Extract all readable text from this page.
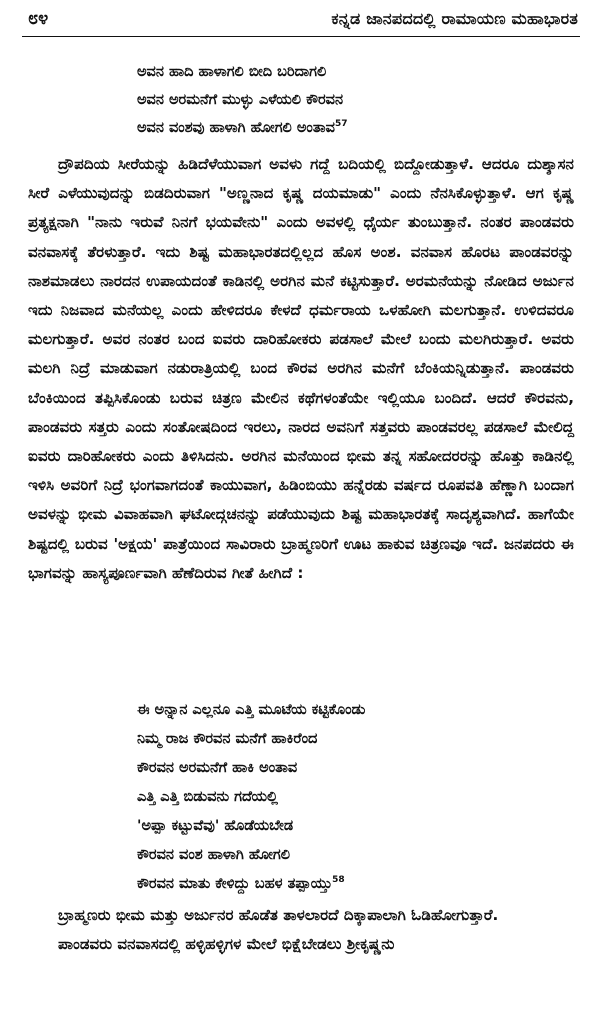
೮೪	ಕನ್ನಡ ಜಾನಪದದಲ್ಲಿ ರಾಮಾಯಣ ಮಹಾಭಾರತ
ಅವನ ಹಾದಿ ಹಾಳಾಗಲಿ ಬೀದಿ ಬರಿದಾಗಲಿ
ಅವನ ಅರಮನೆಗೆ ಮುಳ್ಳು ಎಳೆಯಲಿ ಕೌರವನ
ಅವನ ವಂಶವು ಹಾಳಾಗಿ ಹೋಗಲಿ ಅಂತಾವ$^{57}$

ದ್ರೌಪದಿಯ ಸೀರೆಯನ್ನು ಹಿಡಿದೆಳೆಯುವಾಗ ಅವಳು ಗದ್ದೆ ಬದಿಯಲ್ಲಿ ಬಿದ್ದೋಡುತ್ತಾಳೆ. ಆದರೂ ದುಶ್ಶಾಸನ ಸೀರೆ ಎಳೆಯುವುದನ್ನು ಬಿಡದಿರುವಾಗ "ಅಣ್ಣನಾದ ಕೃಷ್ಣ ದಯಮಾಡು" ಎಂದು ನೆನಸಿಕೊಳ್ಳುತ್ತಾಳೆ. ಆಗ ಕೃಷ್ಣ ಪ್ರತ್ಯಕ್ಷನಾಗಿ "ನಾನು ಇರುವೆ ನಿನಗೆ ಭಯವೇನು" ಎಂದು ಅವಳಲ್ಲಿ ಧೈರ್ಯ ತುಂಬುತ್ತಾನೆ. ನಂತರ ಪಾಂಡವರು ವನವಾಸಕ್ಕೆ ತೆರಳುತ್ತಾರೆ. ಇದು ಶಿಷ್ಟ ಮಹಾಭಾರತದಲ್ಲಿಲ್ಲದ ಹೊಸ ಅಂಶ. ವನವಾಸ ಹೊರಟ ಪಾಂಡವರನ್ನು ನಾಶಮಾಡಲು ನಾರದನ ಉಪಾಯದಂತೆ ಕಾಡಿನಲ್ಲಿ ಅರಗಿನ ಮನೆ ಕಟ್ಟಿಸುತ್ತಾರೆ. ಅರಮನೆಯನ್ನು ನೋಡಿದ ಅರ್ಜುನ ಇದು ನಿಜವಾದ ಮನೆಯಲ್ಲ ಎಂದು ಹೇಳಿದರೂ ಕೇಳದೆ ಧರ್ಮರಾಯ ಒಳಹೋಗಿ ಮಲಗುತ್ತಾನೆ. ಉಳಿದವರೂ ಮಲಗುತ್ತಾರೆ. ಅವರ ನಂತರ ಬಂದ ಐವರು ದಾರಿಹೋಕರು ಪಡಸಾಲೆ ಮೇಲೆ ಬಂದು ಮಲಗಿರುತ್ತಾರೆ. ಅವರು ಮಲಗಿ ನಿದ್ರೆ ಮಾಡುವಾಗ ನಡುರಾತ್ರಿಯಲ್ಲಿ ಬಂದ ಕೌರವ ಅರಗಿನ ಮನೆಗೆ ಬೆಂಕಿಯನ್ನಿಡುತ್ತಾನೆ. ಪಾಂಡವರು ಬೆಂಕಿಯಿಂದ ತಪ್ಪಿಸಿಕೊಂಡು ಬರುವ ಚಿತ್ರಣ ಮೇಲಿನ ಕಥೆಗಳಂತೆಯೇ ಇಲ್ಲಿಯೂ ಬಂದಿದೆ. ಆದರೆ ಕೌರವನು, ಪಾಂಡವರು ಸತ್ತರು ಎಂದು ಸಂತೋಷದಿಂದ ಇರಲು, ನಾರದ ಅವನಿಗೆ ಸತ್ತವರು ಪಾಂಡವರಲ್ಲ ಪಡಸಾಲೆ ಮೇಲಿದ್ದ ಐವರು ದಾರಿಹೋಕರು ಎಂದು ತಿಳಿಸಿದನು. ಅರಗಿನ ಮನೆಯಿಂದ ಭೀಮ ತನ್ನ ಸಹೋದರರನ್ನು ಹೊತ್ತು ಕಾಡಿನಲ್ಲಿ ಇಳಿಸಿ ಅವರಿಗೆ ನಿದ್ರೆ ಭಂಗವಾಗದಂತೆ ಕಾಯುವಾಗ, ಹಿಡಿಂಬಿಯು ಹನ್ನೆರಡು ವರ್ಷದ ರೂಪವತಿ ಹೆಣ್ಣಾಗಿ ಬಂದಾಗ ಅವಳನ್ನು ಭೀಮ ವಿವಾಹವಾಗಿ ಘಟೋದ್ಗಚನನ್ನು ಪಡೆಯುವುದು ಶಿಷ್ಟ ಮಹಾಭಾರತಕ್ಕೆ ಸಾದೃಶ್ಯವಾಗಿದೆ. ಹಾಗೆಯೇ ಶಿಷ್ಟದಲ್ಲಿ ಬರುವ 'ಅಕ್ಷಯ' ಪಾತ್ರೆಯಿಂದ ಸಾವಿರಾರು ಬ್ರಾಹ್ಮಣರಿಗೆ ಊಟ ಹಾಕುವ ಚಿತ್ರಣವೂ ಇದೆ. ಜನಪದರು ಈ ಭಾಗವನ್ನು ಹಾಸ್ಯಪೂರ್ಣವಾಗಿ ಹೆಣೆದಿರುವ ಗೀತೆ ಹೀಗಿದೆ :

ಈ ಅನ್ನಾನ ಎಲ್ಲನೂ ಎತ್ತಿ ಮೂಟೆಯ ಕಟ್ಟಿಕೊಂಡು
ನಿಮ್ಮ ರಾಜ ಕೌರವನ ಮನೆಗೆ ಹಾಕಿರೆಂದ
ಕೌರವನ ಅರಮನೆಗೆ ಹಾಕಿ ಅಂತಾವ
ಎತ್ತಿ ಎತ್ತಿ ಬಿಡುವನು ಗದೆಯಲ್ಲಿ
'ಅಪ್ಪಾ ಕಟ್ಟುವೆವು' ಹೊಡೆಯಬೇಡ
ಕೌರವನ ವಂಶ ಹಾಳಾಗಿ ಹೋಗಲಿ
ಕೌರವನ ಮಾತು ಕೇಳಿದ್ದು ಬಹಳ ತಪ್ಪಾಯ್ತು$^{58}$

ಬ್ರಾಹ್ಮಣರು ಭೀಮ ಮತ್ತು ಅರ್ಜುನರ ಹೊಡೆತ ತಾಳಲಾರದೆ ದಿಕ್ಕಾಪಾಲಾಗಿ ಓಡಿಹೋಗುತ್ತಾರೆ.

ಪಾಂಡವರು ವನವಾಸದಲ್ಲಿ ಹಳ್ಳಿಹಳ್ಳಿಗಳ ಮೇಲೆ ಭಿಕ್ಷೆಬೇಡಲು ಶ್ರೀಕೃಷ್ಣನು
